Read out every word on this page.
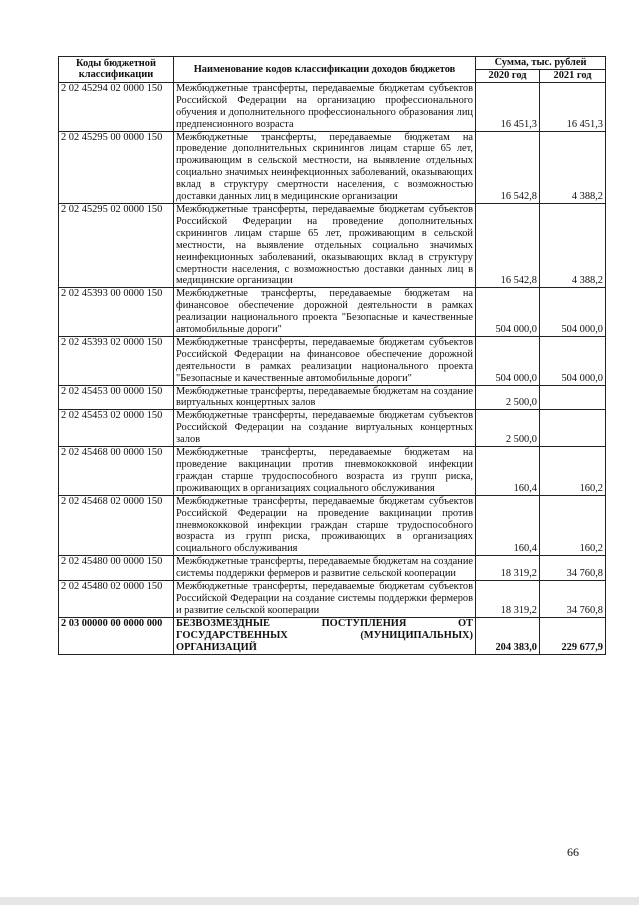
Коды бюджетной классификации	Наименование кодов классификации доходов бюджетов	Сумма, тыс. рублей	
		2020 год	2021 год
2 02 45294 02 0000 150	Межбюджетные трансферты, передаваемые бюджетам субъектов Российской Федерации на организацию профессионального обучения и дополнительного профессионального образования лиц предпенсионного возраста	16 451,3	16 451,3
2 02 45295 00 0000 150	Межбюджетные трансферты, передаваемые бюджетам на проведение дополнительных скринингов лицам старше 65 лет, проживающим в сельской местности, на выявление отдельных социально значимых неинфекционных заболеваний, оказывающих вклад в структуру смертности населения, с возможностью доставки данных лиц в медицинские организации	16 542,8	4 388,2
2 02 45295 02 0000 150	Межбюджетные трансферты, передаваемые бюджетам субъектов Российской Федерации на проведение дополнительных скринингов лицам старше 65 лет, проживающим в сельской местности, на выявление отдельных социально значимых неинфекционных заболеваний, оказывающих вклад в структуру смертности населения, с возможностью доставки данных лиц в медицинские организации	16 542,8	4 388,2
2 02 45393 00 0000 150	Межбюджетные трансферты, передаваемые бюджетам на финансовое обеспечение дорожной деятельности в рамках реализации национального проекта "Безопасные и качественные автомобильные дороги"	504 000,0	504 000,0
2 02 45393 02 0000 150	Межбюджетные трансферты, передаваемые бюджетам субъектов Российской Федерации на финансовое обеспечение дорожной деятельности в рамках реализации национального проекта "Безопасные и качественные автомобильные дороги"	504 000,0	504 000,0
2 02 45453 00 0000 150	Межбюджетные трансферты, передаваемые бюджетам на создание виртуальных концертных залов	2 500,0	
2 02 45453 02 0000 150	Межбюджетные трансферты, передаваемые бюджетам субъектов Российской Федерации на создание виртуальных концертных залов	2 500,0	
2 02 45468 00 0000 150	Межбюджетные трансферты, передаваемые бюджетам на проведение вакцинации против пневмококковой инфекции граждан старше трудоспособного возраста из групп риска, проживающих в организациях социального обслуживания	160,4	160,2
2 02 45468 02 0000 150	Межбюджетные трансферты, передаваемые бюджетам субъектов Российской Федерации на проведение вакцинации против пневмококковой инфекции граждан старше трудоспособного возраста из групп риска, проживающих в организациях социального обслуживания	160,4	160,2
2 02 45480 00 0000 150	Межбюджетные трансферты, передаваемые бюджетам на создание системы поддержки фермеров и развитие сельской кооперации	18 319,2	34 760,8
2 02 45480 02 0000 150	Межбюджетные трансферты, передаваемые бюджетам субъектов Российской Федерации на создание системы поддержки фермеров и развитие сельской кооперации	18 319,2	34 760,8
2 03 00000 00 0000 000	БЕЗВОЗМЕЗДНЫЕ ПОСТУПЛЕНИЯ ОТ ГОСУДАРСТВЕННЫХ (МУНИЦИПАЛЬНЫХ) ОРГАНИЗАЦИЙ	204 383,0	229 677,9
66
